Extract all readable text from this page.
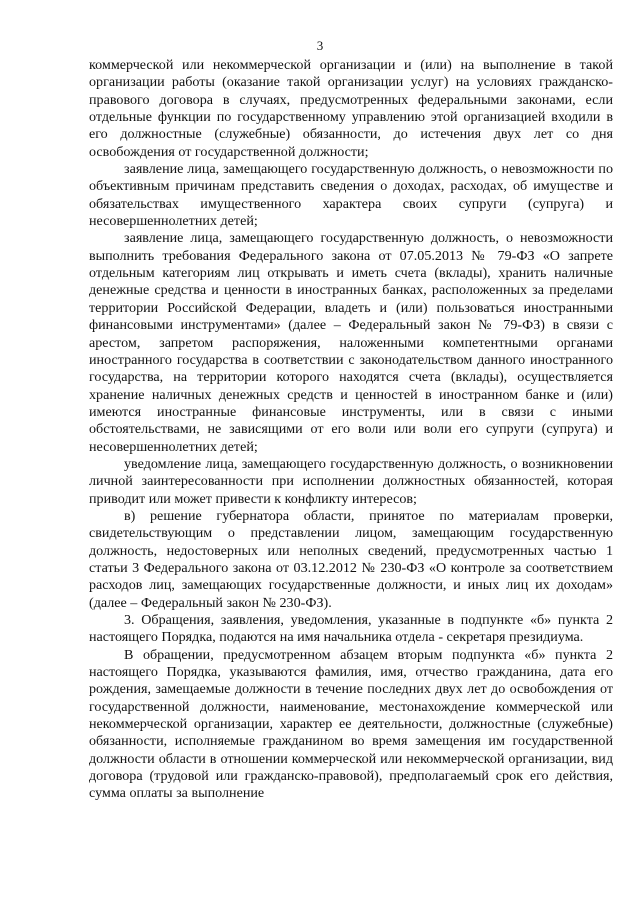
3

коммерческой или некоммерческой организации и (или) на выполнение в такой организации работы (оказание такой организации услуг) на условиях гражданско-правового договора в случаях, предусмотренных федеральными законами, если отдельные функции по государственному управлению этой организацией входили в его должностные (служебные) обязанности, до истечения двух лет со дня освобождения от государственной должности;

заявление лица, замещающего государственную должность, о невозможности по объективным причинам представить сведения о доходах, расходах, об имуществе и обязательствах имущественного характера своих супруги (супруга) и несовершеннолетних детей;

заявление лица, замещающего государственную должность, о невозможности выполнить требования Федерального закона от 07.05.2013 № 79-ФЗ «О запрете отдельным категориям лиц открывать и иметь счета (вклады), хранить наличные денежные средства и ценности в иностранных банках, расположенных за пределами территории Российской Федерации, владеть и (или) пользоваться иностранными финансовыми инструментами» (далее – Федеральный закон № 79-ФЗ) в связи с арестом, запретом распоряжения, наложенными компетентными органами иностранного государства в соответствии с законодательством данного иностранного государства, на территории которого находятся счета (вклады), осуществляется хранение наличных денежных средств и ценностей в иностранном банке и (или) имеются иностранные финансовые инструменты, или в связи с иными обстоятельствами, не зависящими от его воли или воли его супруги (супруга) и несовершеннолетних детей;

уведомление лица, замещающего государственную должность, о возникновении личной заинтересованности при исполнении должностных обязанностей, которая приводит или может привести к конфликту интересов;

в) решение губернатора области, принятое по материалам проверки, свидетельствующим о представлении лицом, замещающим государственную должность, недостоверных или неполных сведений, предусмотренных частью 1 статьи 3 Федерального закона от 03.12.2012 № 230-ФЗ «О контроле за соответствием расходов лиц, замещающих государственные должности, и иных лиц их доходам» (далее – Федеральный закон № 230-ФЗ).

3. Обращения, заявления, уведомления, указанные в подпункте «б» пункта 2 настоящего Порядка, подаются на имя начальника отдела - секретаря президиума.

В обращении, предусмотренном абзацем вторым подпункта «б» пункта 2 настоящего Порядка, указываются фамилия, имя, отчество гражданина, дата его рождения, замещаемые должности в течение последних двух лет до освобождения от государственной должности, наименование, местонахождение коммерческой или некоммерческой организации, характер ее деятельности, должностные (служебные) обязанности, исполняемые гражданином во время замещения им государственной должности области в отношении коммерческой или некоммерческой организации, вид договора (трудовой или гражданско-правовой), предполагаемый срок его действия, сумма оплаты за выполнение
